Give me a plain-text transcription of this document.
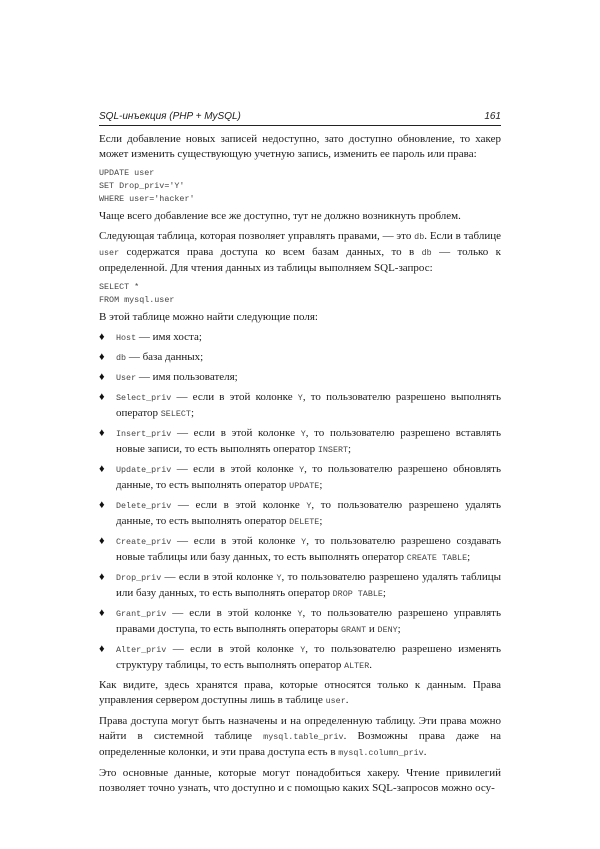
SQL-инъекция (PHP + MySQL)	161

Если добавление новых записей недоступно, зато доступно обновление, то хакер может изменить существующую учетную запись, изменить ее пароль или права:

UPDATE user
SET Drop_priv='Y'
WHERE user='hacker'

Чаще всего добавление все же доступно, тут не должно возникнуть проблем.

Следующая таблица, которая позволяет управлять правами, — это db. Если в таблице user содержатся права доступа ко всем базам данных, то в db — только к определенной. Для чтения данных из таблицы выполняем SQL-запрос:

SELECT *
FROM mysql.user

В этой таблице можно найти следующие поля:

♦ Host — имя хоста;
♦ db — база данных;
♦ User — имя пользователя;
♦ Select_priv — если в этой колонке Y, то пользователю разрешено выполнять оператор SELECT;
♦ Insert_priv — если в этой колонке Y, то пользователю разрешено вставлять новые записи, то есть выполнять оператор INSERT;
♦ Update_priv — если в этой колонке Y, то пользователю разрешено обновлять данные, то есть выполнять оператор UPDATE;
♦ Delete_priv — если в этой колонке Y, то пользователю разрешено удалять данные, то есть выполнять оператор DELETE;
♦ Create_priv — если в этой колонке Y, то пользователю разрешено создавать новые таблицы или базу данных, то есть выполнять оператор CREATE TABLE;
♦ Drop_priv — если в этой колонке Y, то пользователю разрешено удалять таблицы или базу данных, то есть выполнять оператор DROP TABLE;
♦ Grant_priv — если в этой колонке Y, то пользователю разрешено управлять правами доступа, то есть выполнять операторы GRANT и DENY;
♦ Alter_priv — если в этой колонке Y, то пользователю разрешено изменять структуру таблицы, то есть выполнять оператор ALTER.

Как видите, здесь хранятся права, которые относятся только к данным. Права управления сервером доступны лишь в таблице user.

Права доступа могут быть назначены и на определенную таблицу. Эти права можно найти в системной таблице mysql.table_priv. Возможны права даже на определенные колонки, и эти права доступа есть в mysql.column_priv.

Это основные данные, которые могут понадобиться хакеру. Чтение привилегий позволяет точно узнать, что доступно и с помощью каких SQL-запросов можно осу-
